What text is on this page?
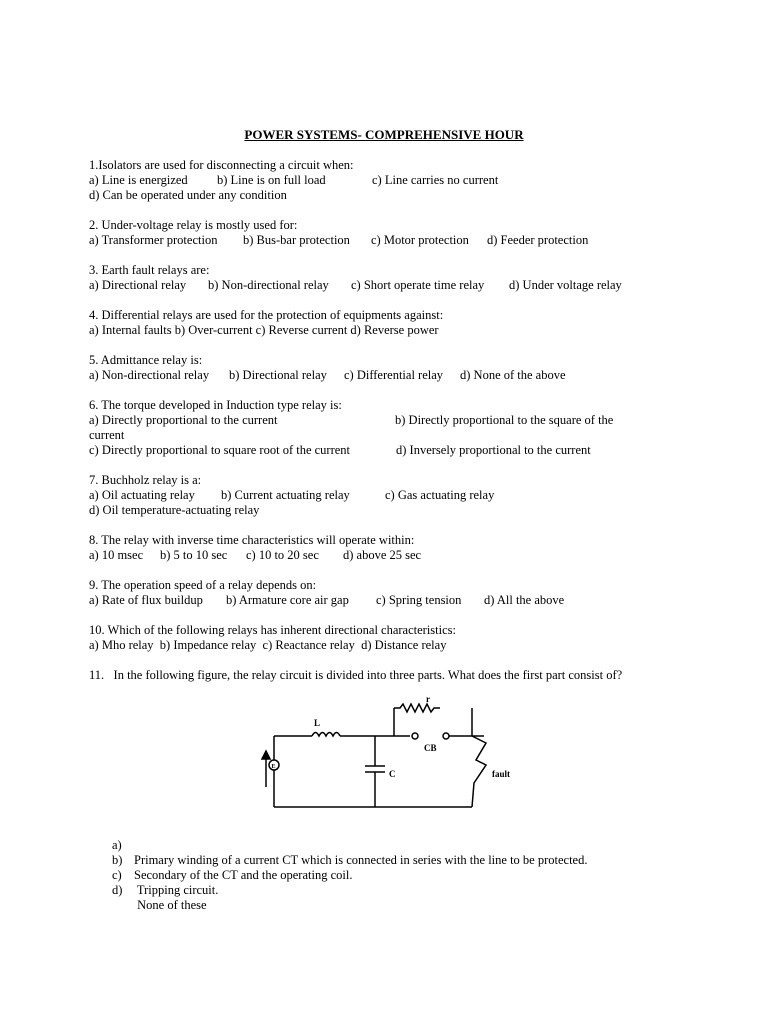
POWER SYSTEMS- COMPREHENSIVE HOUR
1.Isolators are used for disconnecting a circuit when:
a) Line is energized b) Line is on full load	c) Line carries no current
d) Can be operated under any condition
2. Under-voltage relay is mostly used for:
a) Transformer protection b) Bus-bar protection c) Motor protection d) Feeder protection
3. Earth fault relays are:
a) Directional relay b) Non-directional relay c) Short operate time relay d) Under voltage relay
4. Differential relays are used for the protection of equipments against:
a) Internal faults b) Over-current c) Reverse current d) Reverse power
5. Admittance relay is:
a) Non-directional relay b) Directional relay c) Differential relay d) None of the above
6. The torque developed in Induction type relay is:
a) Directly proportional to the current	b) Directly proportional to the square of the
current
c) Directly proportional to square root of the current	d) Inversely proportional to the current
7. Buchholz relay is a:
a) Oil actuating relay b) Current actuating relay	c) Gas actuating relay
d) Oil temperature-actuating relay
8. The relay with inverse time characteristics will operate within:
a) 10 msec b) 5 to 10 sec c) 10 to 20 sec d) above 25 sec
9. The operation speed of a relay depends on:
a) Rate of flux buildup b) Armature core air gap c) Spring tension d) All the above
10. Which of the following relays has inherent directional characteristics:
a) Mho relay  b) Impedance relay  c) Reactance relay  d) Distance relay
11.   In the following figure, the relay circuit is divided into three parts. What does the first part consist of?
L
r
CB
C
E
fault

a)

Primary winding of a current CT which is connected in series with the line to be protected.

b)

Secondary of the CT and the operating coil.

c)

Tripping circuit.

d)

None of these
